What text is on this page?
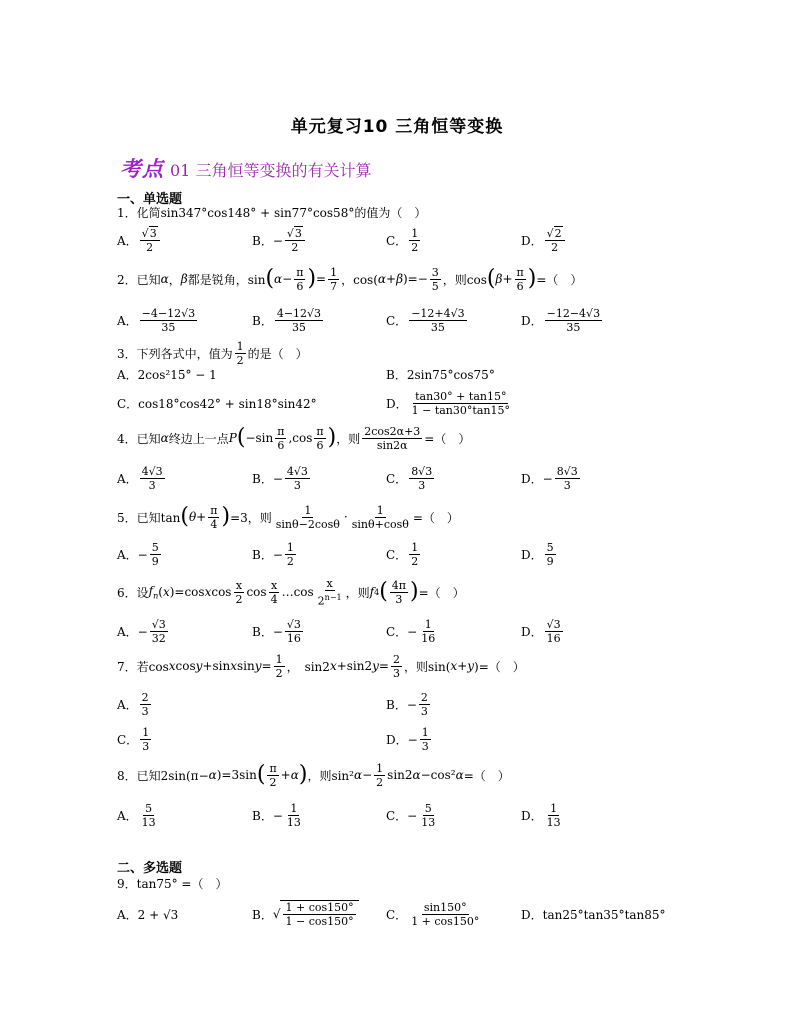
单元复习10 三角恒等变换
考点 01 三角恒等变换的有关计算
一、单选题
1．化简sin347°cos148° + sin77°cos58°的值为（　）
A． $\frac{√3}{2}$	B．− $\frac{√3}{2}$	C． $\frac{1}{2}$	D． $\frac{√2}{2}$
2．已知 α ， β 都是锐角，sin ( $\alpha - \frac{\pi}{6}$ ) = $\frac{1}{7}$ ，cos( α + β )=− $\frac{3}{5}$ ，则cos ( $\beta + \frac{\pi}{6}$ ) =（　）
A． $\frac{-4-12√3}{35}$	B． $\frac{4-12√3}{35}$	C． $\frac{-12+4√3}{35}$	D． $\frac{-12-4√3}{35}$
3．下列各式中，值为 $\frac{1}{2}$ 的是（　）
A．2cos²15° − 1	B．2sin75°cos75°
C．cos18°cos42° + sin18°sin42°	D． $\frac{\tan 30^\circ + \tan 15^\circ}{1 - \tan 30^\circ\tan 15^\circ}$
4．已知 α 终边上一点 P ( $-\sin \frac{\pi}{6} ,\cos \frac{\pi}{6}$ ) ，则 $\frac{2\cos 2\alpha+3}{\sin 2\alpha}$ =（　）
A． $\frac{4√3}{3}$	B．− $\frac{4√3}{3}$	C． $\frac{8√3}{3}$	D．− $\frac{8√3}{3}$
5．已知tan ( $\theta + \frac{\pi}{4}$ ) =3，则 $\frac{1}{\sin\theta-2\cos\theta} \cdot \frac{1}{\sin\theta+\cos\theta}$ =（　）
A．− $\frac{5}{9}$	B．− $\frac{1}{2}$	C． $\frac{1}{2}$	D． $\frac{5}{9}$
6．设 $f_n$ ( x )=cos x $\cos \frac{x}{2}$ $\cos \frac{x}{4}$ …cos $\frac{x}{2^{n-1}}$ ，则 f 4 ( $\frac{4\pi}{3}$ ) =（　）
A．− $\frac{√3}{32}$	B．− $\frac{√3}{16}$	C．− $\frac{1}{16}$	D． $\frac{√3}{16}$
7．若cos x cos y +sin x $\sin y = \frac{1}{2}$ ，　sin2 x +sin2 $y = \frac{2}{3}$ ，则sin( x + y )=（　）
A． $\frac{2}{3}$	B．− $\frac{2}{3}$
C． $\frac{1}{3}$	D．− $\frac{1}{3}$
8．已知2sin(π− α )=3sin ( $\frac{\pi}{2} + \alpha$ ) ，则sin² $\alpha - \frac{1}{2} \sin 2$ α −cos² α =（　）
A． $\frac{5}{13}$	B．− $\frac{1}{13}$	C．− $\frac{5}{13}$	D． $\frac{1}{13}$
二、多选题
9．tan75° =（　）
A．2 + √3	B． √ $\frac{1 + \cos 150^\circ}{1 - \cos 150^\circ}$	C． $\frac{\sin 150^\circ}{1 + \cos 150^\circ}$	D．tan25°tan35°tan85°
